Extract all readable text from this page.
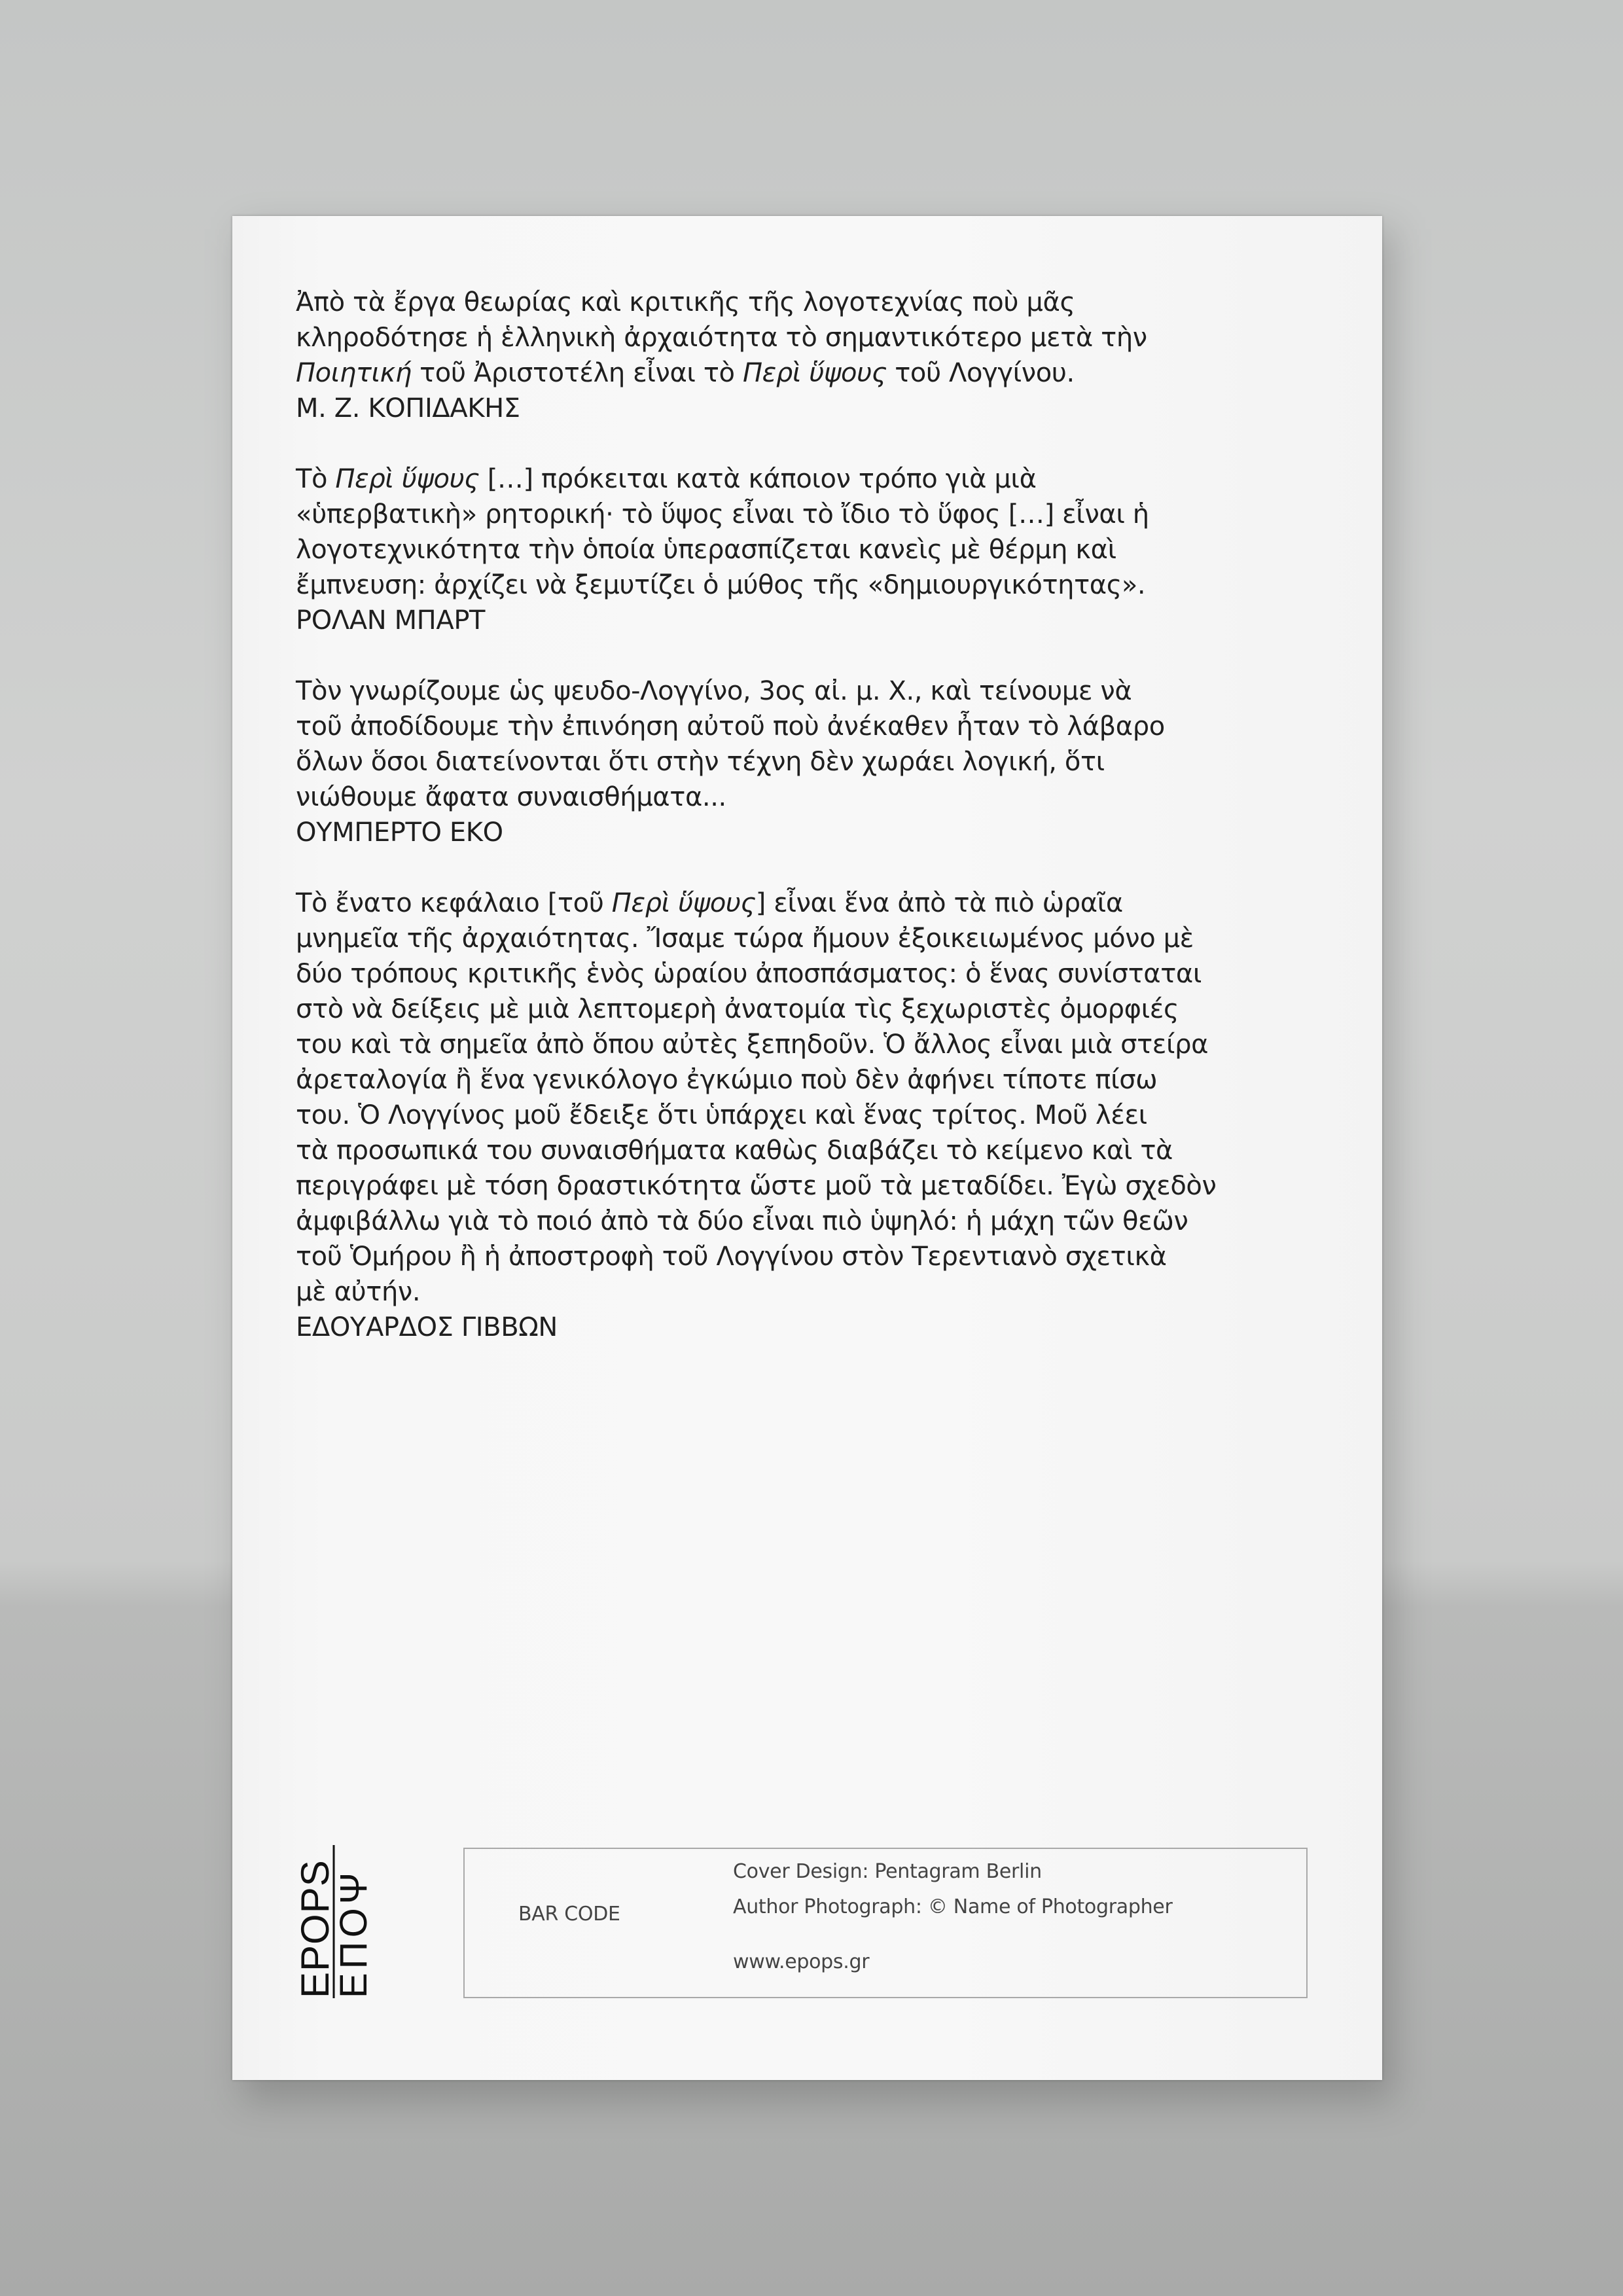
Ἀπὸ τὰ ἔργα θεωρίας καὶ κριτικῆς τῆς λογοτεχνίας ποὺ μᾶς
κληροδότησε ἡ ἑλληνικὴ ἀρχαιότητα τὸ σημαντικότερο μετὰ τὴν
Ποιητική τοῦ Ἀριστοτέλη εἶναι τὸ Περὶ ὕψους τοῦ Λογγίνου.
Μ. Ζ. ΚΟΠΙΔΑΚΗΣ
Τὸ Περὶ ὕψους […] πρόκειται κατὰ κάποιον τρόπο γιὰ μιὰ
«ὑπερβατικὴ» ρητορική· τὸ ὕψος εἶναι τὸ ἴδιο τὸ ὕφος […] εἶναι ἡ
λογοτεχνικότητα τὴν ὁποία ὑπερασπίζεται κανεὶς μὲ θέρμη καὶ
ἔμπνευση: ἀρχίζει νὰ ξεμυτίζει ὁ μύθος τῆς «δημιουργικότητας».
ΡΟΛΑΝ ΜΠΑΡΤ
Τὸν γνωρίζουμε ὡς ψευδο-Λογγίνο, 3ος αἰ. μ. Χ., καὶ τείνουμε νὰ
τοῦ ἀποδίδουμε τὴν ἐπινόηση αὐτοῦ ποὺ ἀνέκαθεν ἦταν τὸ λάβαρο
ὅλων ὅσοι διατείνονται ὅτι στὴν τέχνη δὲν χωράει λογική, ὅτι
νιώθουμε ἄφατα συναισθήματα...
ΟΥΜΠΕΡΤΟ ΕΚΟ
Τὸ ἔνατο κεφάλαιο [τοῦ Περὶ ὕψους] εἶναι ἕνα ἀπὸ τὰ πιὸ ὡραῖα
μνημεῖα τῆς ἀρχαιότητας. Ἴσαμε τώρα ἤμουν ἐξοικειωμένος μόνο μὲ
δύο τρόπους κριτικῆς ἑνὸς ὡραίου ἀποσπάσματος: ὁ ἕνας συνίσταται
στὸ νὰ δείξεις μὲ μιὰ λεπτομερὴ ἀνατομία τὶς ξεχωριστὲς ὀμορφιές
του καὶ τὰ σημεῖα ἀπὸ ὅπου αὐτὲς ξεπηδοῦν. Ὁ ἄλλος εἶναι μιὰ στείρα
ἀρεταλογία ἢ ἕνα γενικόλογο ἐγκώμιο ποὺ δὲν ἀφήνει τίποτε πίσω
του. Ὁ Λογγίνος μοῦ ἔδειξε ὅτι ὑπάρχει καὶ ἕνας τρίτος. Μοῦ λέει
τὰ προσωπικά του συναισθήματα καθὼς διαβάζει τὸ κείμενο καὶ τὰ
περιγράφει μὲ τόση δραστικότητα ὥστε μοῦ τὰ μεταδίδει. Ἐγὼ σχεδὸν
ἀμφιβάλλω γιὰ τὸ ποιό ἀπὸ τὰ δύο εἶναι πιὸ ὑψηλό: ἡ μάχη τῶν θεῶν
τοῦ Ὁμήρου ἢ ἡ ἀποστροφὴ τοῦ Λογγίνου στὸν Τερεντιανὸ σχετικὰ
μὲ αὐτήν.
ΕΔΟΥΑΡΔΟΣ ΓΙΒΒΩΝ
EPOPS
ΕΠΟΨ	BAR CODE
Cover Design: Pentagram Berlin
Author Photograph: © Name of Photographer
www.epops.gr
